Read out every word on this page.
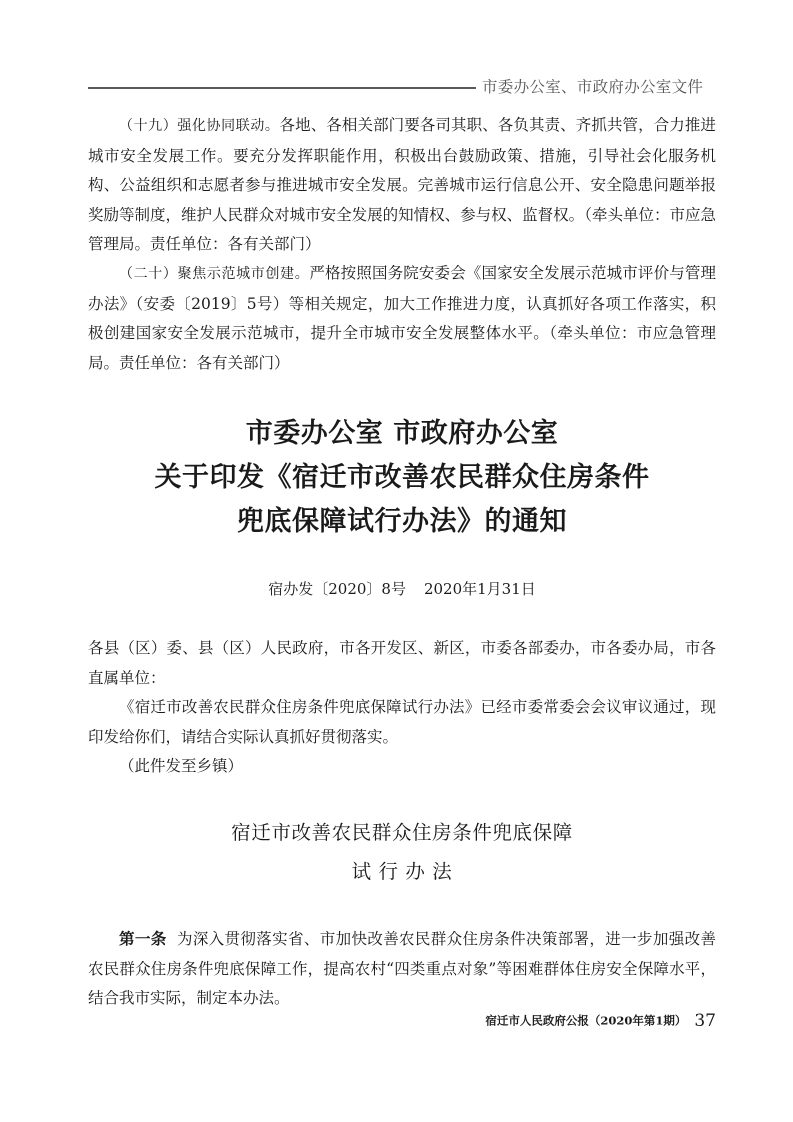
市委办公室、市政府办公室文件

（十九）强化协同联动。各地、各相关部门要各司其职、各负其责、齐抓共管，合力推进城市安全发展工作。要充分发挥职能作用，积极出台鼓励政策、措施，引导社会化服务机构、公益组织和志愿者参与推进城市安全发展。完善城市运行信息公开、安全隐患问题举报奖励等制度，维护人民群众对城市安全发展的知情权、参与权、监督权。（牵头单位：市应急管理局。责任单位：各有关部门）

（二十）聚焦示范城市创建。严格按照国务院安委会《国家安全发展示范城市评价与管理办法》（安委〔2019〕5号）等相关规定，加大工作推进力度，认真抓好各项工作落实，积极创建国家安全发展示范城市，提升全市城市安全发展整体水平。（牵头单位：市应急管理局。责任单位：各有关部门）

市委办公室 市政府办公室
关于印发《宿迁市改善农民群众住房条件
兜底保障试行办法》的通知
宿办发〔2020〕8号 2020年1月31日

各县（区）委、县（区）人民政府，市各开发区、新区，市委各部委办，市各委办局，市各直属单位：

《宿迁市改善农民群众住房条件兜底保障试行办法》已经市委常委会会议审议通过，现印发给你们，请结合实际认真抓好贯彻落实。

（此件发至乡镇）

宿迁市改善农民群众住房条件兜底保障
试 行 办 法

第一条 为深入贯彻落实省、市加快改善农民群众住房条件决策部署，进一步加强改善农民群众住房条件兜底保障工作，提高农村“四类重点对象”等困难群体住房安全保障水平，结合我市实际，制定本办法。

宿迁市人民政府公报（2020年第1期） 37
